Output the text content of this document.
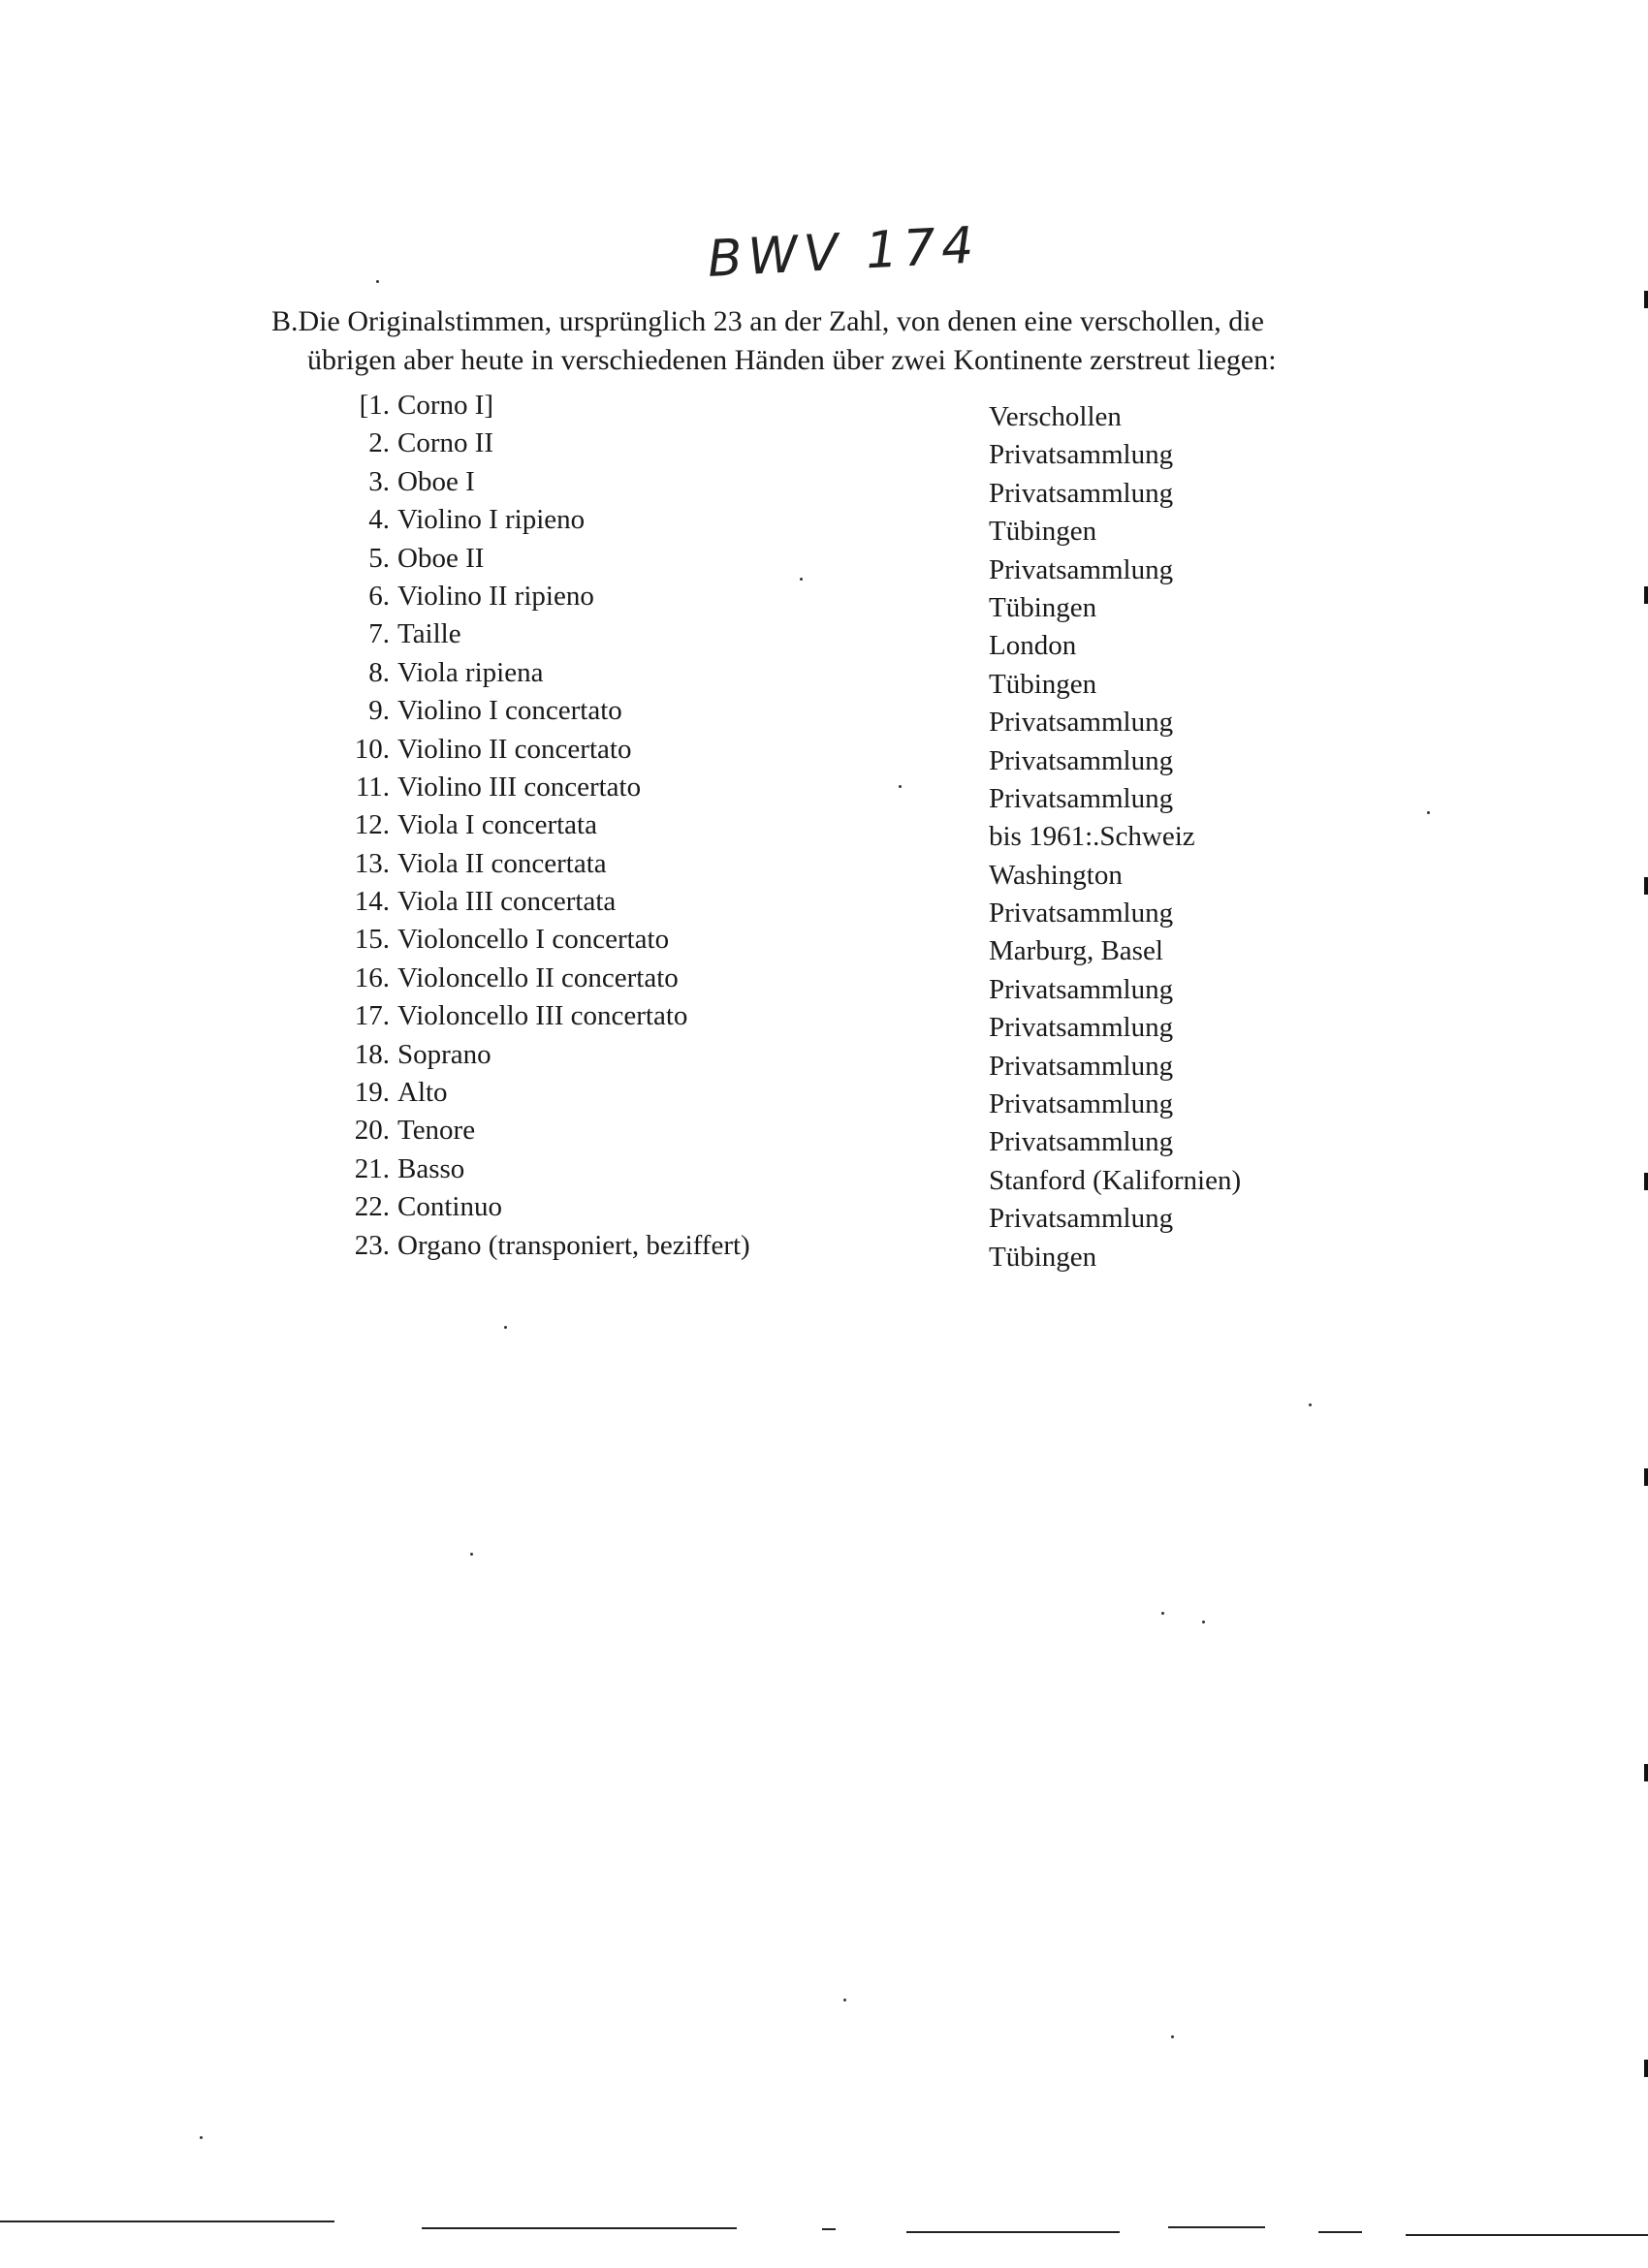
BWV 174
B.Die Originalstimmen, ursprünglich 23 an der Zahl, von denen eine verschollen, die
übrigen aber heute in verschiedenen Händen über zwei Kontinente zerstreut liegen:
[1. Corno I]	Verschollen
2. Corno II	Privatsammlung
3. Oboe I	Privatsammlung
4. Violino I ripieno	Tübingen
5. Oboe II	Privatsammlung
6. Violino II ripieno	Tübingen
7. Taille	London
8. Viola ripiena	Tübingen
9. Violino I concertato	Privatsammlung
10. Violino II concertato	Privatsammlung
11. Violino III concertato	Privatsammlung
12. Viola I concertata	bis 1961:.Schweiz
13. Viola II concertata	Washington
14. Viola III concertata	Privatsammlung
15. Violoncello I concertato	Marburg, Basel
16. Violoncello II concertato	Privatsammlung
17. Violoncello III concertato	Privatsammlung
18. Soprano	Privatsammlung
19. Alto	Privatsammlung
20. Tenore	Privatsammlung
21. Basso	Stanford (Kalifornien)
22. Continuo	Privatsammlung
23. Organo (transponiert, beziffert)	Tübingen
